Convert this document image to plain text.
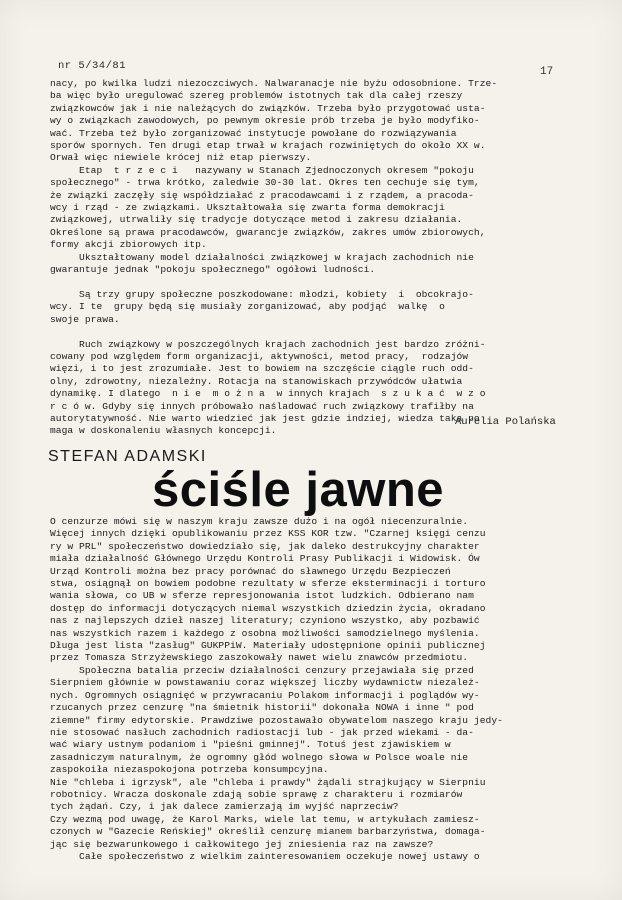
nr 5/34/81	17
nacy, po kwilka ludzi niezoczciwych. Nalwaranacje nie byżu odosobnione. Trze-
ba więc było uregulować szereg problemów istotnych tak dla całej rzeszy
związkowców jak i nie należących do związków. Trzeba było przygotować usta-
wy o związkach zawodowych, po pewnym okresie prób trzeba je było modyfiko-
wać. Trzeba też było zorganizować instytucje powołane do rozwiązywania
sporów spornych. Ten drugi etap trwał w krajach rozwiniętych do około XX w.
Orwał więc niewiele krócej niż etap pierwszy.
Etap  t r z e c i   nazywany w Stanach Zjednoczonych okresem "pokoju
społecznego" - trwa krótko, zaledwie 30-30 lat. Okres ten cechuje się tym,
że związki zaczęły się współdziałać z pracodawcami i z rządem, a pracoda-
wcy i rząd - ze związkami. Ukształtowała się zwarta forma demokracji
związkowej, utrwaliły się tradycje dotyczące metod i zakresu działania.
Określone są prawa pracodawców, gwarancje związków, zakres umów zbiorowych,
formy akcji zbiorowych itp.
Ukształtowany model działalności związkowej w krajach zachodnich nie
gwarantuje jednak "pokoju społecznego" ogółowi ludności.

Są trzy grupy społeczne poszkodowane: młodzi, kobiety  i  obcokrajo-
wcy. I te  grupy będą się musiały zorganizować, aby podjąć  walkę  o
swoje prawa.

Ruch związkowy w poszczególnych krajach zachodnich jest bardzo zróżni-
cowany pod względem form organizacji, aktywności, metod pracy,  rodzajów
więzi, i to jest zrozumiałe. Jest to bowiem na szczęście ciągle ruch odd-
olny, zdrowotny, niezależny. Rotacja na stanowiskach przywódców ułatwia
dynamikę. I dlatego  n i e  m o ż n a  w innych krajach  s z u k a ć  w z o
r c ó w. Gdyby się innych próbowało naśladować ruch związkowy trafiłby na
autorytatywność. Nie warto wiedzieć jak jest gdzie indziej, wiedza taka po
maga w doskonaleniu własnych koncepcji.
Aurelia Polańska
STEFAN ADAMSKI
ściśle jawne
O cenzurze mówi się w naszym kraju zawsze dużo i na ogół niecenzuralnie.
Więcej innych dzięki opublikowaniu przez KSS KOR tzw. "Czarnej księgi cenzu
ry w PRL" społeczeństwo dowiedziało się, jak daleko destrukcyjny charakter
miała działalność Głównego Urzędu Kontroli Prasy Publikacji i Widowisk. Ów
Urząd Kontroli można bez pracy porównać do sławnego Urzędu Bezpieczeń
stwa, osiągnął on bowiem podobne rezultaty w sferze eksterminacji i torturo
wania słowa, co UB w sferze represjonowania istot ludzkich. Odbierano nam
dostęp do informacji dotyczących niemal wszystkich dziedzin życia, okradano
nas z najlepszych dzieł naszej literatury; czyniono wszystko, aby pozbawić
nas wszystkich razem i każdego z osobna możliwości samodzielnego myślenia.
Długa jest lista "zasług" GUKPPiW. Materiały udostępnione opinii publicznej
przez Tomasza Strzyżewskiego zaszokowały nawet wielu znawców przedmiotu.
Społeczna batalia przeciw działalności cenzury przejawiała się przed
Sierpniem głównie w powstawaniu coraz większej liczby wydawnictw niezależ-
nych. Ogromnych osiągnięć w przywracaniu Polakom informacji i poglądów wy-
rzucanych przez cenzurę "na śmietnik historii" dokonała NOWA i inne " pod
ziemne" firmy edytorskie. Prawdziwe pozostawało obywatelom naszego kraju jedy-
nie stosować nasłuch zachodnich radiostacji lub - jak przed wiekami - da-
wać wiary ustnym podaniom i "pieśni gminnej". Totuś jest zjawiskiem w
zasadniczym naturalnym, że ogromny głód wolnego słowa w Polsce woale nie
zaspokoiła niezaspokojona potrzeba konsumpcyjna.
Nie "chleba i igrzysk", ale "chleba i prawdy" żądali strajkujący w Sierpniu
robotnicy. Wracza doskonale zdają sobie sprawę z charakteru i rozmiarów
tych żądań. Czy, i jak dalece zamierzają im wyjść naprzeciw?
Czy wezmą pod uwagę, że Karol Marks, wiele lat temu, w artykułach zamiesz-
czonych w "Gazecie Reńskiej" określił cenzurę mianem barbarzyństwa, domaga-
jąc się bezwarunkowego i całkowitego jej zniesienia raz na zawsze?
Całe społeczeństwo z wielkim zainteresowaniem oczekuje nowej ustawy o
